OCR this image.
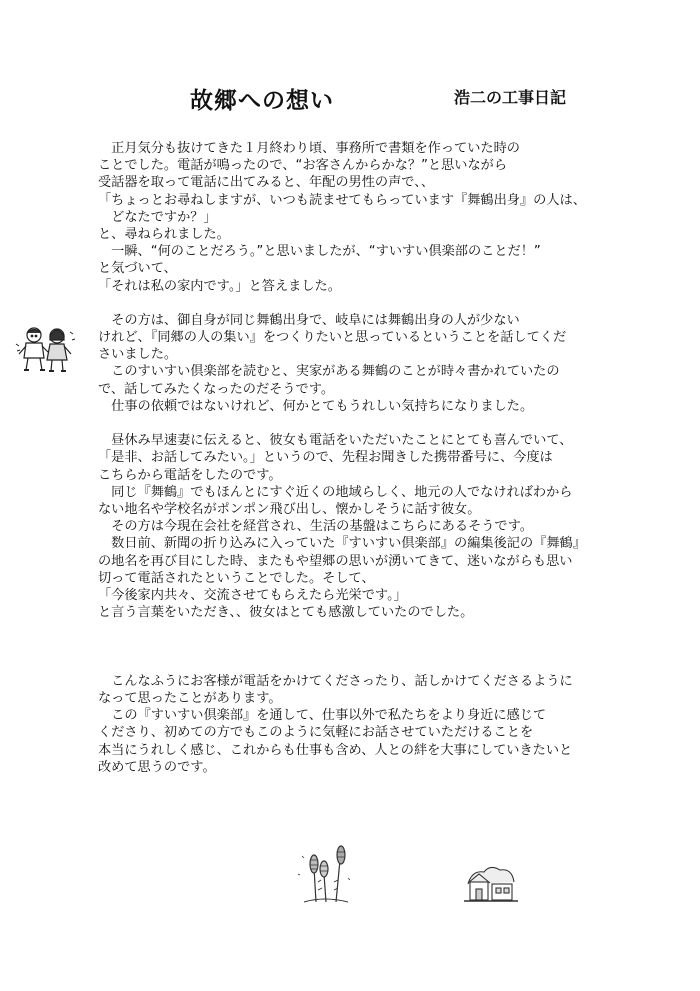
故郷への想い	浩二の工事日記
　正月気分も抜けてきた１月終わり頃、事務所で書類を作っていた時の
ことでした。電話が鳴ったので、“お客さんからかな？”と思いながら
受話器を取って電話に出てみると、年配の男性の声で、、
「ちょっとお尋ねしますが、いつも読ませてもらっています『舞鶴出身』の人は、
　どなたですか？」
と、尋ねられました。
　一瞬、“何のことだろう。”と思いましたが、“すいすい倶楽部のことだ！”
と気づいて、
「それは私の家内です。」と答えました。
　その方は、御自身が同じ舞鶴出身で、岐阜には舞鶴出身の人が少ない
けれど、『同郷の人の集い』をつくりたいと思っているということを話してくだ
さいました。
　このすいすい倶楽部を読むと、実家がある舞鶴のことが時々書かれていたの
で、話してみたくなったのだそうです。
　仕事の依頼ではないけれど、何かとてもうれしい気持ちになりました。
　昼休み早速妻に伝えると、彼女も電話をいただいたことにとても喜んでいて、
「是非、お話してみたい。」というので、先程お聞きした携帯番号に、今度は
こちらから電話をしたのです。
　同じ『舞鶴』でもほんとにすぐ近くの地域らしく、地元の人でなければわから
ない地名や学校名がポンポン飛び出し、懐かしそうに話す彼女。
　その方は今現在会社を経営され、生活の基盤はこちらにあるそうです。
　数日前、新聞の折り込みに入っていた『すいすい倶楽部』の編集後記の『舞鶴』
の地名を再び目にした時、またもや望郷の思いが湧いてきて、迷いながらも思い
切って電話されたということでした。そして、
「今後家内共々、交流させてもらえたら光栄です。」
と言う言葉をいただき、、彼女はとても感激していたのでした。
　こんなふうにお客様が電話をかけてくださったり、話しかけてくださるように
なって思ったことがあります。
　この『すいすい倶楽部』を通して、仕事以外で私たちをより身近に感じて
くださり、初めての方でもこのように気軽にお話させていただけることを
本当にうれしく感じ、これからも仕事も含め、人との絆を大事にしていきたいと
改めて思うのです。
